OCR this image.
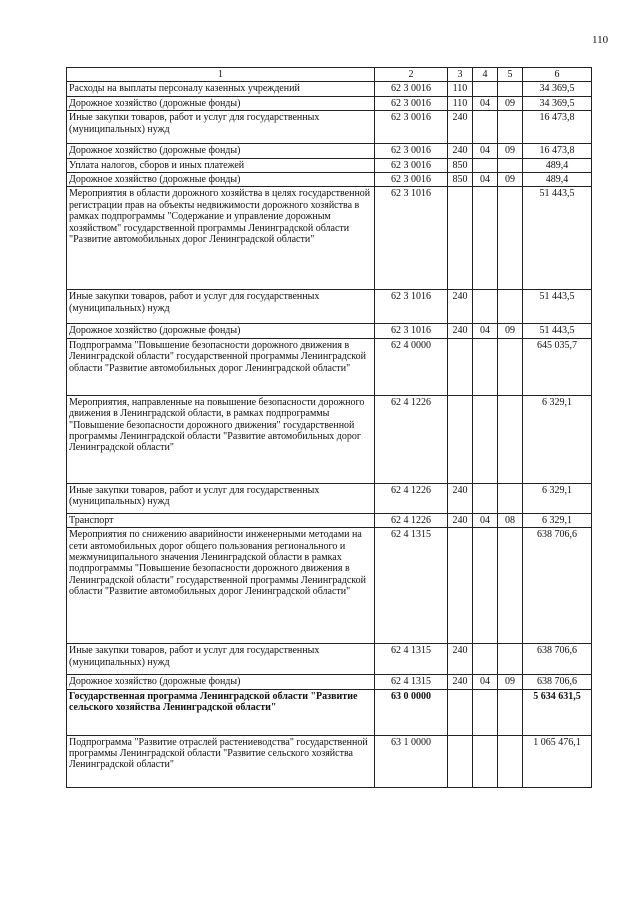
110
1	2	3	4	5	6
Расходы на выплаты персоналу казенных учреждений	62 3 0016	110			34 369,5
Дорожное хозяйство (дорожные фонды)	62 3 0016	110	04	09	34 369,5
Иные закупки товаров, работ и услуг для государственных (муниципальных) нужд	62 3 0016	240			16 473,8
Дорожное хозяйство (дорожные фонды)	62 3 0016	240	04	09	16 473,8
Уплата налогов, сборов и иных платежей	62 3 0016	850			489,4
Дорожное хозяйство (дорожные фонды)	62 3 0016	850	04	09	489,4
Мероприятия в области дорожного хозяйства в целях государственной регистрации прав на объекты недвижимости дорожного хозяйства в рамках подпрограммы "Содержание и управление дорожным хозяйством" государственной программы Ленинградской области "Развитие автомобильных дорог Ленинградской области"	62 3 1016				51 443,5
Иные закупки товаров, работ и услуг для государственных (муниципальных) нужд	62 3 1016	240			51 443,5
Дорожное хозяйство (дорожные фонды)	62 3 1016	240	04	09	51 443,5
Подпрограмма "Повышение безопасности дорожного движения в Ленинградской области" государственной программы Ленинградской области "Развитие автомобильных дорог Ленинградской области"	62 4 0000				645 035,7
Мероприятия, направленные на повышение безопасности дорожного движения в Ленинградской области, в рамках подпрограммы "Повышение безопасности дорожного движения" государственной программы Ленинградской области "Развитие автомобильных дорог Ленинградской области"	62 4 1226				6 329,1
Иные закупки товаров, работ и услуг для государственных (муниципальных) нужд	62 4 1226	240			6 329,1
Транспорт	62 4 1226	240	04	08	6 329,1
Мероприятия по снижению аварийности инженерными методами на сети автомобильных дорог общего пользования регионального и межмуниципального значения Ленинградской области в рамках подпрограммы "Повышение безопасности дорожного движения в Ленинградской области" государственной программы Ленинградской области "Развитие автомобильных дорог Ленинградской области"	62 4 1315				638 706,6
Иные закупки товаров, работ и услуг для государственных (муниципальных) нужд	62 4 1315	240			638 706,6
Дорожное хозяйство (дорожные фонды)	62 4 1315	240	04	09	638 706,6
Государственная программа Ленинградской области "Развитие сельского хозяйства Ленинградской области"	63 0 0000				5 634 631,5
Подпрограмма "Развитие отраслей растениеводства" государственной программы Ленинградской области "Развитие сельского хозяйства Ленинградской области"	63 1 0000				1 065 476,1
